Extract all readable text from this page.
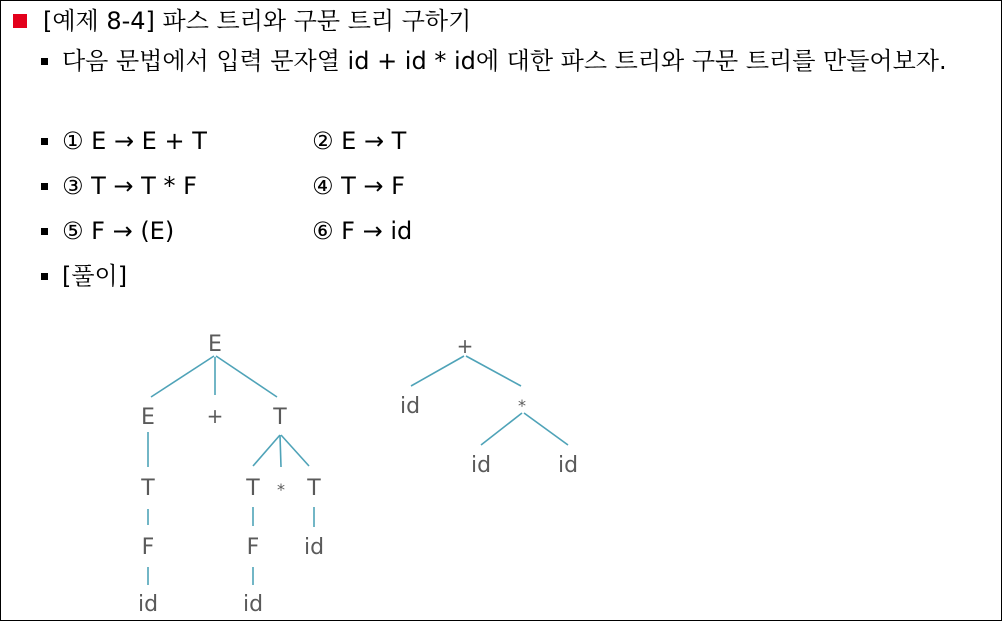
[예제 8-4] 파스 트리와 구문 트리 구하기
다음 문법에서 입력 문자열 id + id * id에 대한 파스 트리와 구문 트리를 만들어보자.
① E → E + T	② E → T
③ T → T * F	④ T → F
⑤ F → (E)	⑥ F → id
[풀이]
E
E	+ T
T
F
id
T * T
F
id
id
+
id	*
id	id
